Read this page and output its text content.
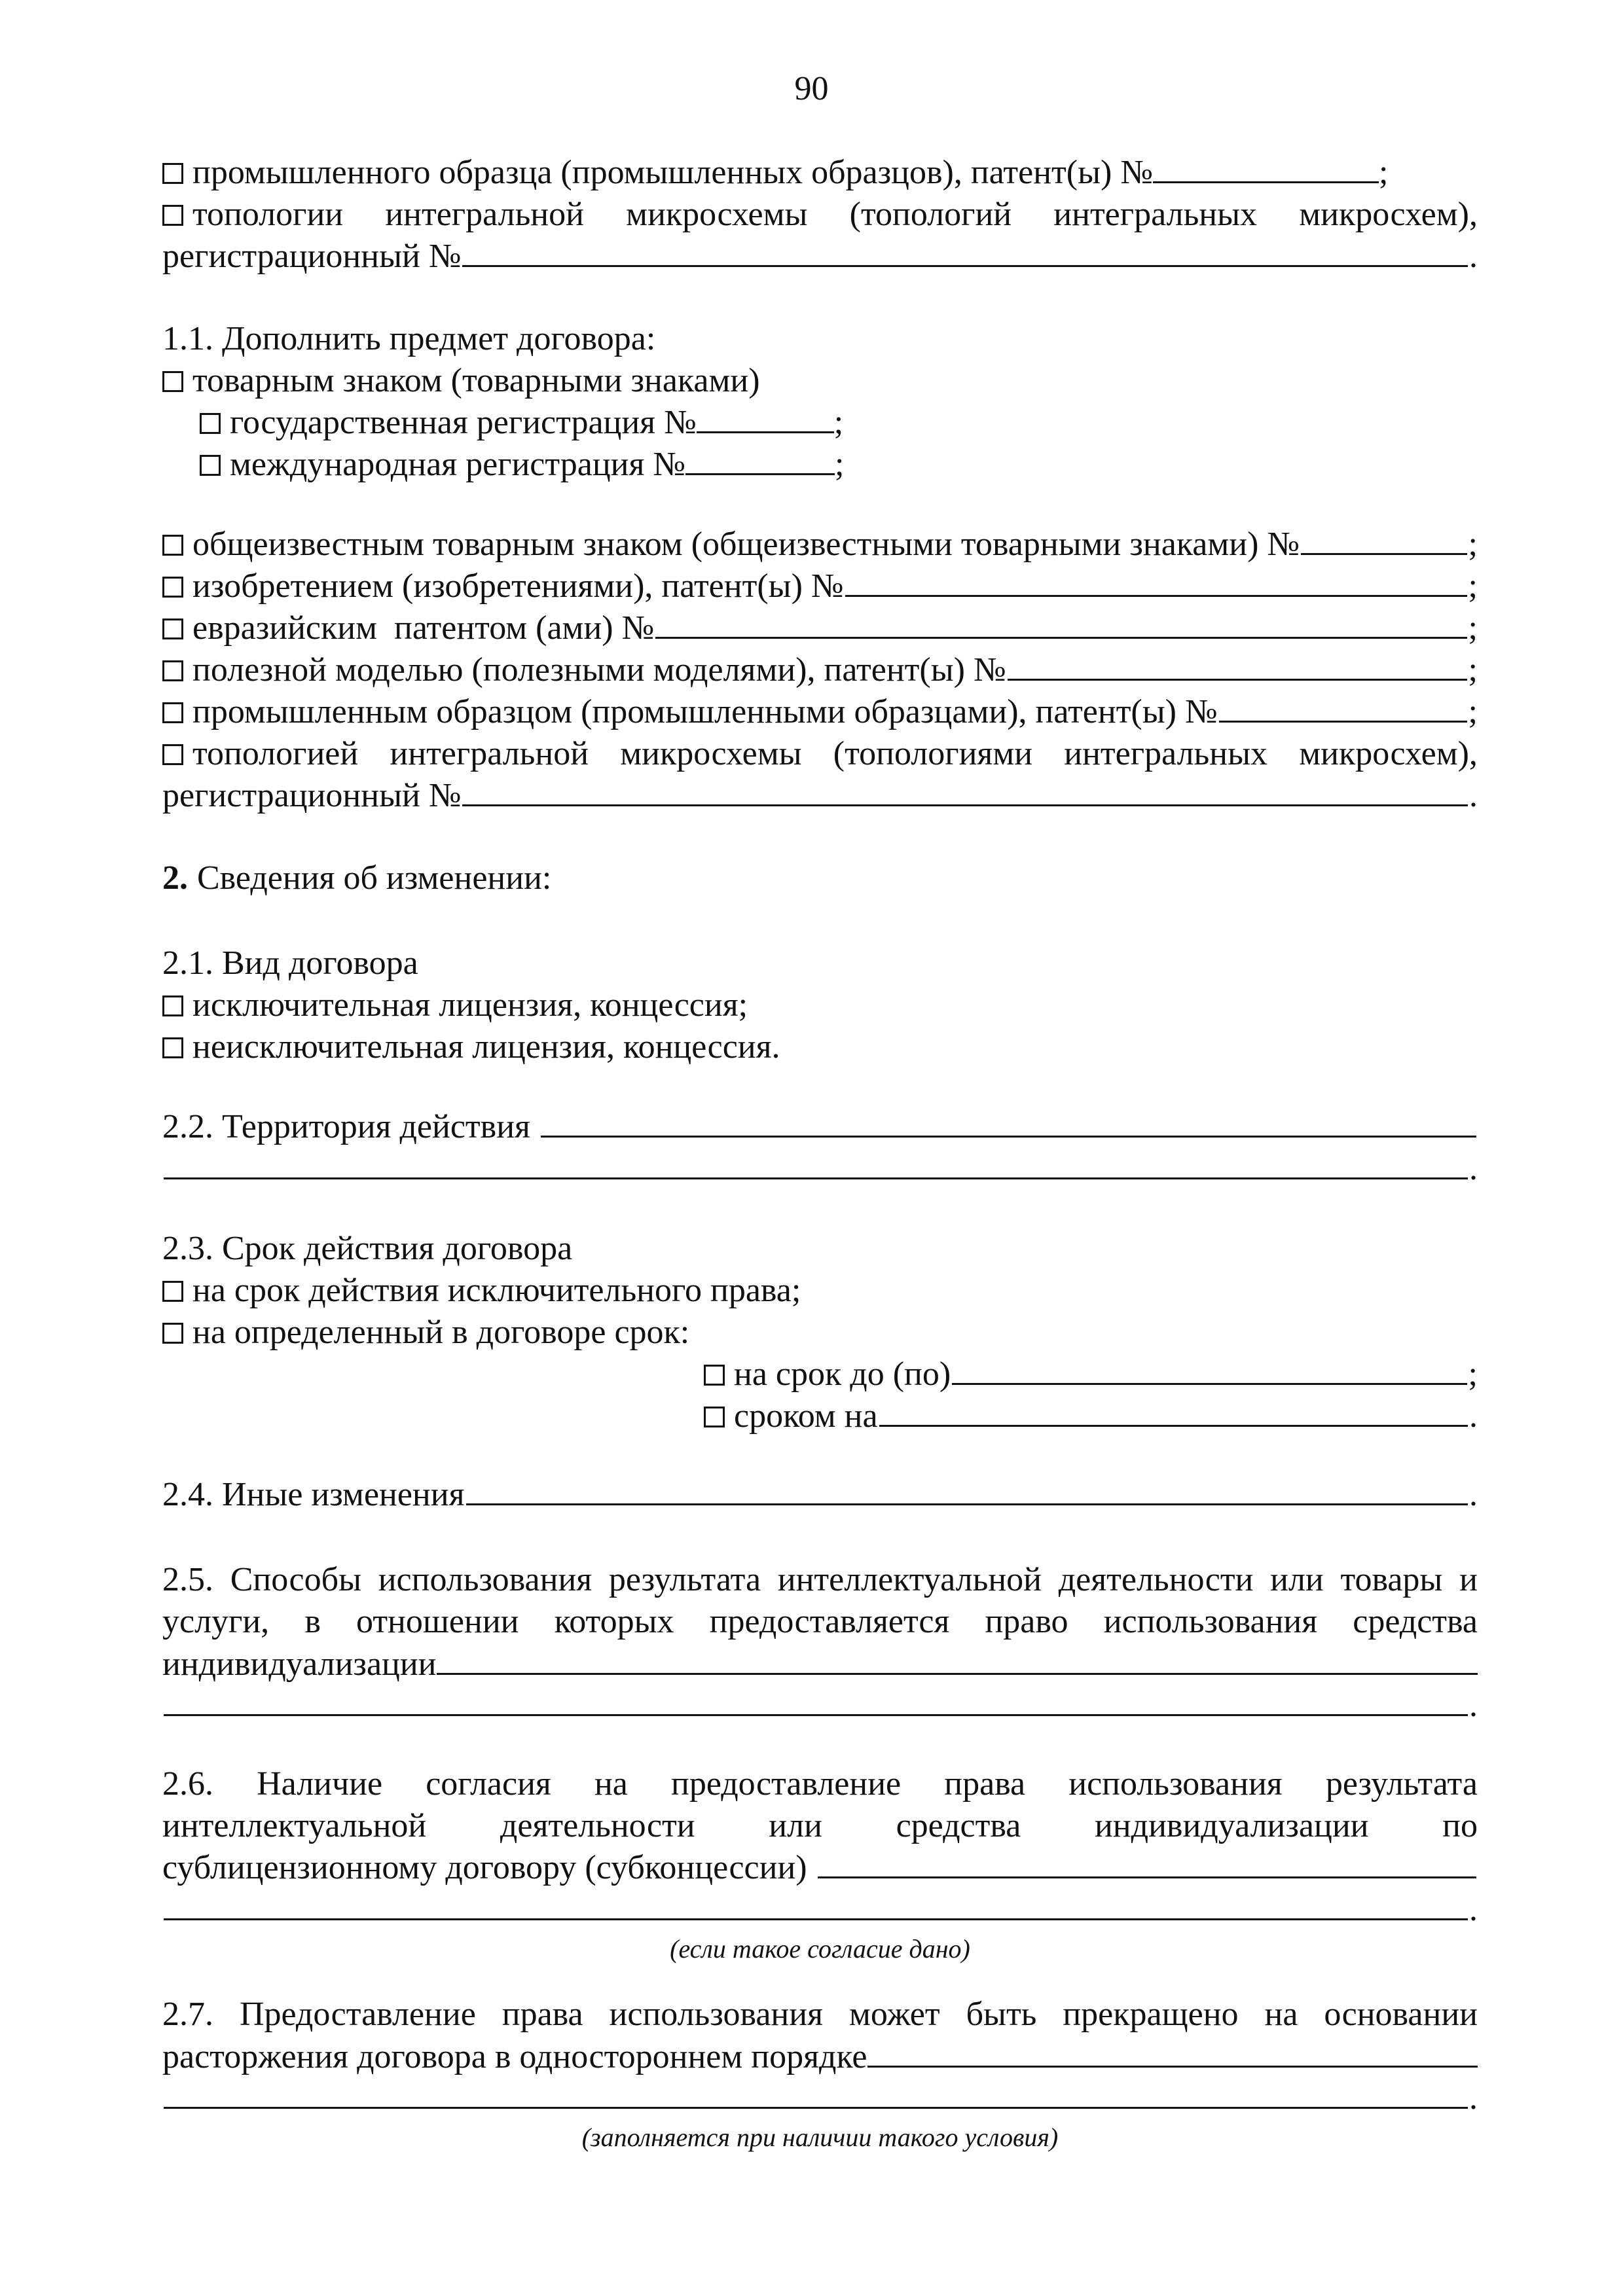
90
промышленного образца (промышленных образцов), патент(ы) №	;
топологии интегральной микросхемы (топологий интегральных микросхем),
регистрационный №	.
1.1. Дополнить предмет договора:
товарным знаком (товарными знаками)
государственная регистрация №	;
международная регистрация №	;
общеизвестным товарным знаком (общеизвестными товарными знаками) №	;
изобретением (изобретениями), патент(ы) №	;
евразийским  патентом (ами) №	;
полезной моделью (полезными моделями), патент(ы) №	;
промышленным образцом (промышленными образцами), патент(ы) №	;
топологией интегральной микросхемы (топологиями интегральных микросхем),
регистрационный №	.
2. Сведения об изменении:
2.1. Вид договора
исключительная лицензия, концессия;
неисключительная лицензия, концессия.
2.2. Территория действия
.
2.3. Срок действия договора
на срок действия исключительного права;
на определенный в договоре срок:
на срок до (по)	;
сроком на	.
2.4. Иные изменения	.
2.5. Способы использования результата интеллектуальной деятельности или товары и
услуги, в отношении которых предоставляется право использования средства
индивидуализации
.
2.6. Наличие согласия на предоставление права использования результата
интеллектуальной деятельности или средства индивидуализации по
сублицензионному договору (субконцессии)
.
(если такое согласие дано)
2.7. Предоставление права использования может быть прекращено на основании
расторжения договора в одностороннем порядке
.
(заполняется при наличии такого условия)
